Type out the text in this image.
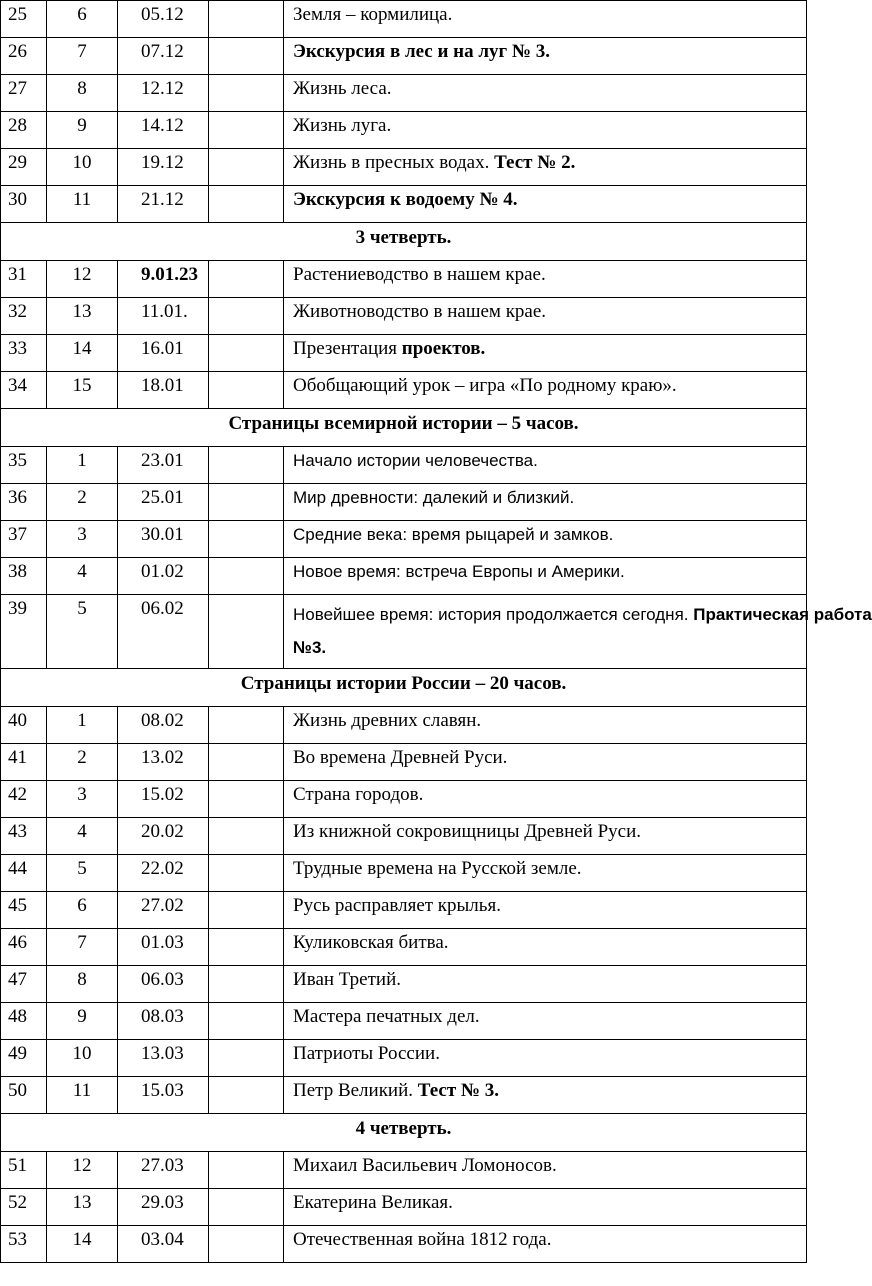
25	6	05.12		Земля – кормилица.
26	7	07.12		Экскурсия в лес и на луг № 3.
27	8	12.12		Жизнь леса.
28	9	14.12		Жизнь луга.
29	10	19.12		Жизнь в пресных водах. Тест № 2.
30	11	21.12		Экскурсия к водоему № 4.
3 четверть.				
31	12	9.01.23		Растениеводство в нашем крае.
32	13	11.01.		Животноводство в нашем крае.
33	14	16.01		Презентация проектов.
34	15	18.01		Обобщающий урок – игра «По родному краю».
Страницы всемирной истории – 5 часов.				
35	1	23.01		Начало истории человечества.
36	2	25.01		Мир древности: далекий и близкий.
37	3	30.01		Средние века: время рыцарей и замков.
38	4	01.02		Новое время: встреча Европы и Америки.
39	5	06.02		Новейшее время: история продолжается сегодня. Практическая работа
№3.
Страницы истории России – 20 часов.				
40	1	08.02		Жизнь древних славян.
41	2	13.02		Во времена Древней Руси.
42	3	15.02		Страна городов.
43	4	20.02		Из книжной сокровищницы Древней Руси.
44	5	22.02		Трудные времена на Русской земле.
45	6	27.02		Русь расправляет крылья.
46	7	01.03		Куликовская битва.
47	8	06.03		Иван Третий.
48	9	08.03		Мастера печатных дел.
49	10	13.03		Патриоты России.
50	11	15.03		Петр Великий. Тест № 3.
4 четверть.				
51	12	27.03		Михаил Васильевич Ломоносов.
52	13	29.03		Екатерина Великая.
53	14	03.04		Отечественная война 1812 года.
